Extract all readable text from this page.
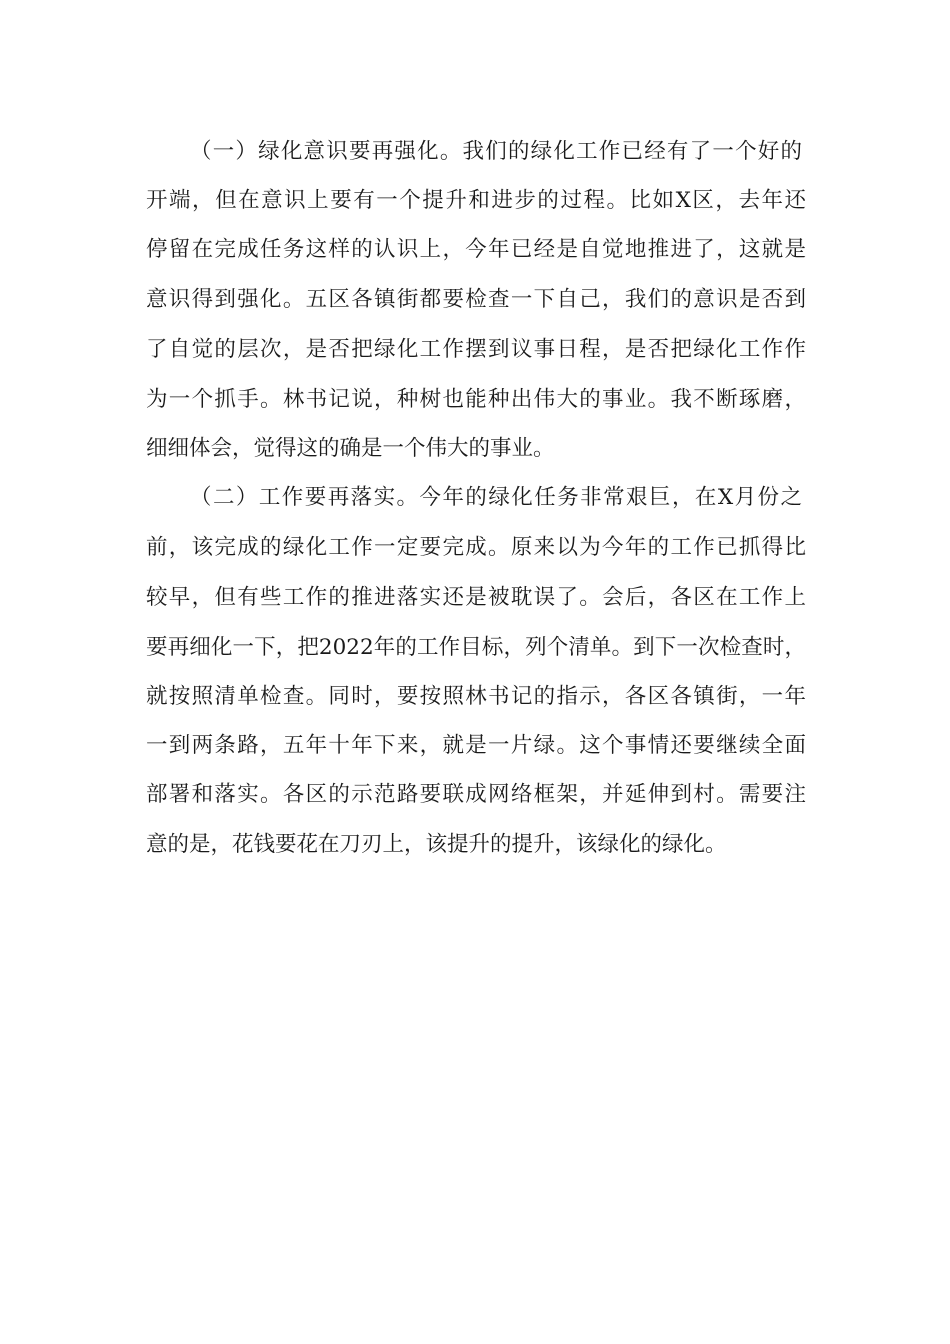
（一）绿化意识要再强化。我们的绿化工作已经有了一个好的
开端，但在意识上要有一个提升和进步的过程。比如X区，去年还
停留在完成任务这样的认识上，今年已经是自觉地推进了，这就是
意识得到强化。五区各镇街都要检查一下自己，我们的意识是否到
了自觉的层次，是否把绿化工作摆到议事日程，是否把绿化工作作
为一个抓手。林书记说，种树也能种出伟大的事业。我不断琢磨，
细细体会，觉得这的确是一个伟大的事业。
（二）工作要再落实。今年的绿化任务非常艰巨，在X月份之
前，该完成的绿化工作一定要完成。原来以为今年的工作已抓得比
较早，但有些工作的推进落实还是被耽误了。会后，各区在工作上
要再细化一下，把2022年的工作目标，列个清单。到下一次检查时，
就按照清单检查。同时，要按照林书记的指示，各区各镇街，一年
一到两条路，五年十年下来，就是一片绿。这个事情还要继续全面
部署和落实。各区的示范路要联成网络框架，并延伸到村。需要注
意的是，花钱要花在刀刃上，该提升的提升，该绿化的绿化。
